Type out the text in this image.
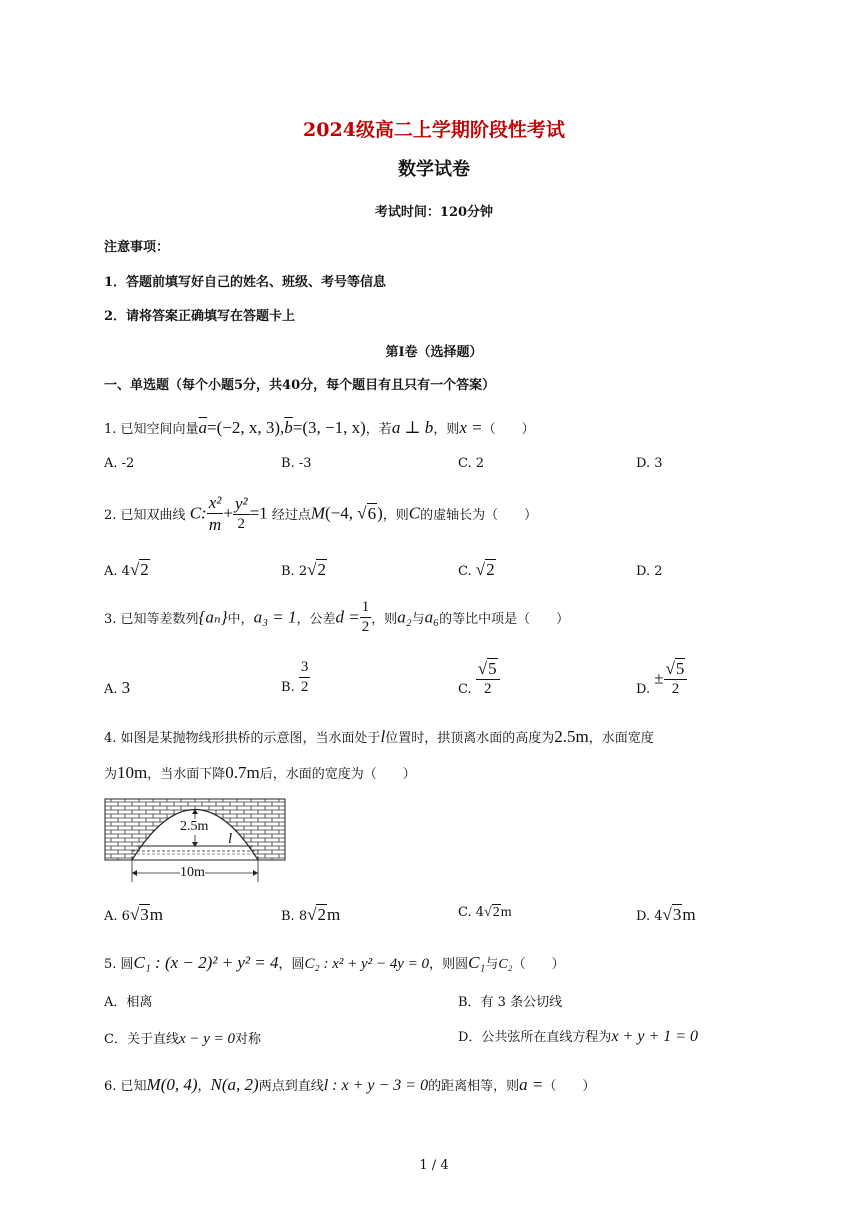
2024级高二上学期阶段性考试
数学试卷
考试时间：120分钟
注意事项：
1．答题前填写好自己的姓名、班级、考号等信息
2．请将答案正确填写在答题卡上
第I卷（选择题）
一、单选题（每个小题5分，共40分，每个题目有且只有一个答案）
1. 已知空间向量$\overline{a}=(-2$, x, $3),\overline{b}=(3$, −1, x)，若a ⊥ b，则x =（　　）
A. -2	B. -3	C. 2	D. 3
2. 已知双曲线 C: $\frac{\text{x²}}{m} + \frac{\text{y²}}{2} =1$ 经过点M(−4, √6)，则C的虚轴长为（　　）
A. 4√2	B. 2√2	C. √2	D. 2
3. 已知等差数列{aₙ}中，a₃ = 1，公差$d = \frac{1}{2}$ ，则a₂与a₆的等比中项是（　　）
A. 3	B. $\frac{3}{2}$	C. $\frac{√5}{2}$	D. ± $\frac{√5}{2}$
4. 如图是某抛物线形拱桥的示意图，当水面处于l位置时，拱顶离水面的高度为2.5m，水面宽度
为10m，当水面下降0.7m后，水面的宽度为（　　）
2.5m
l
10m
A. 6√3m	B. 8√2m	C. 4√2m	D. 4√3m
5. 圆C₁ : (x − 2)² + y² = 4，圆C₂ : x² + y² − 4y = 0，则圆C₁与C₂（　　）
A．相离	B．有 3 条公切线
C．关于直线x − y = 0对称	D．公共弦所在直线方程为x + y + 1 = 0
6. 已知M(0, 4)，N(a, 2)两点到直线l : x + y − 3 = 0的距离相等，则a =（　　）
1 / 4
